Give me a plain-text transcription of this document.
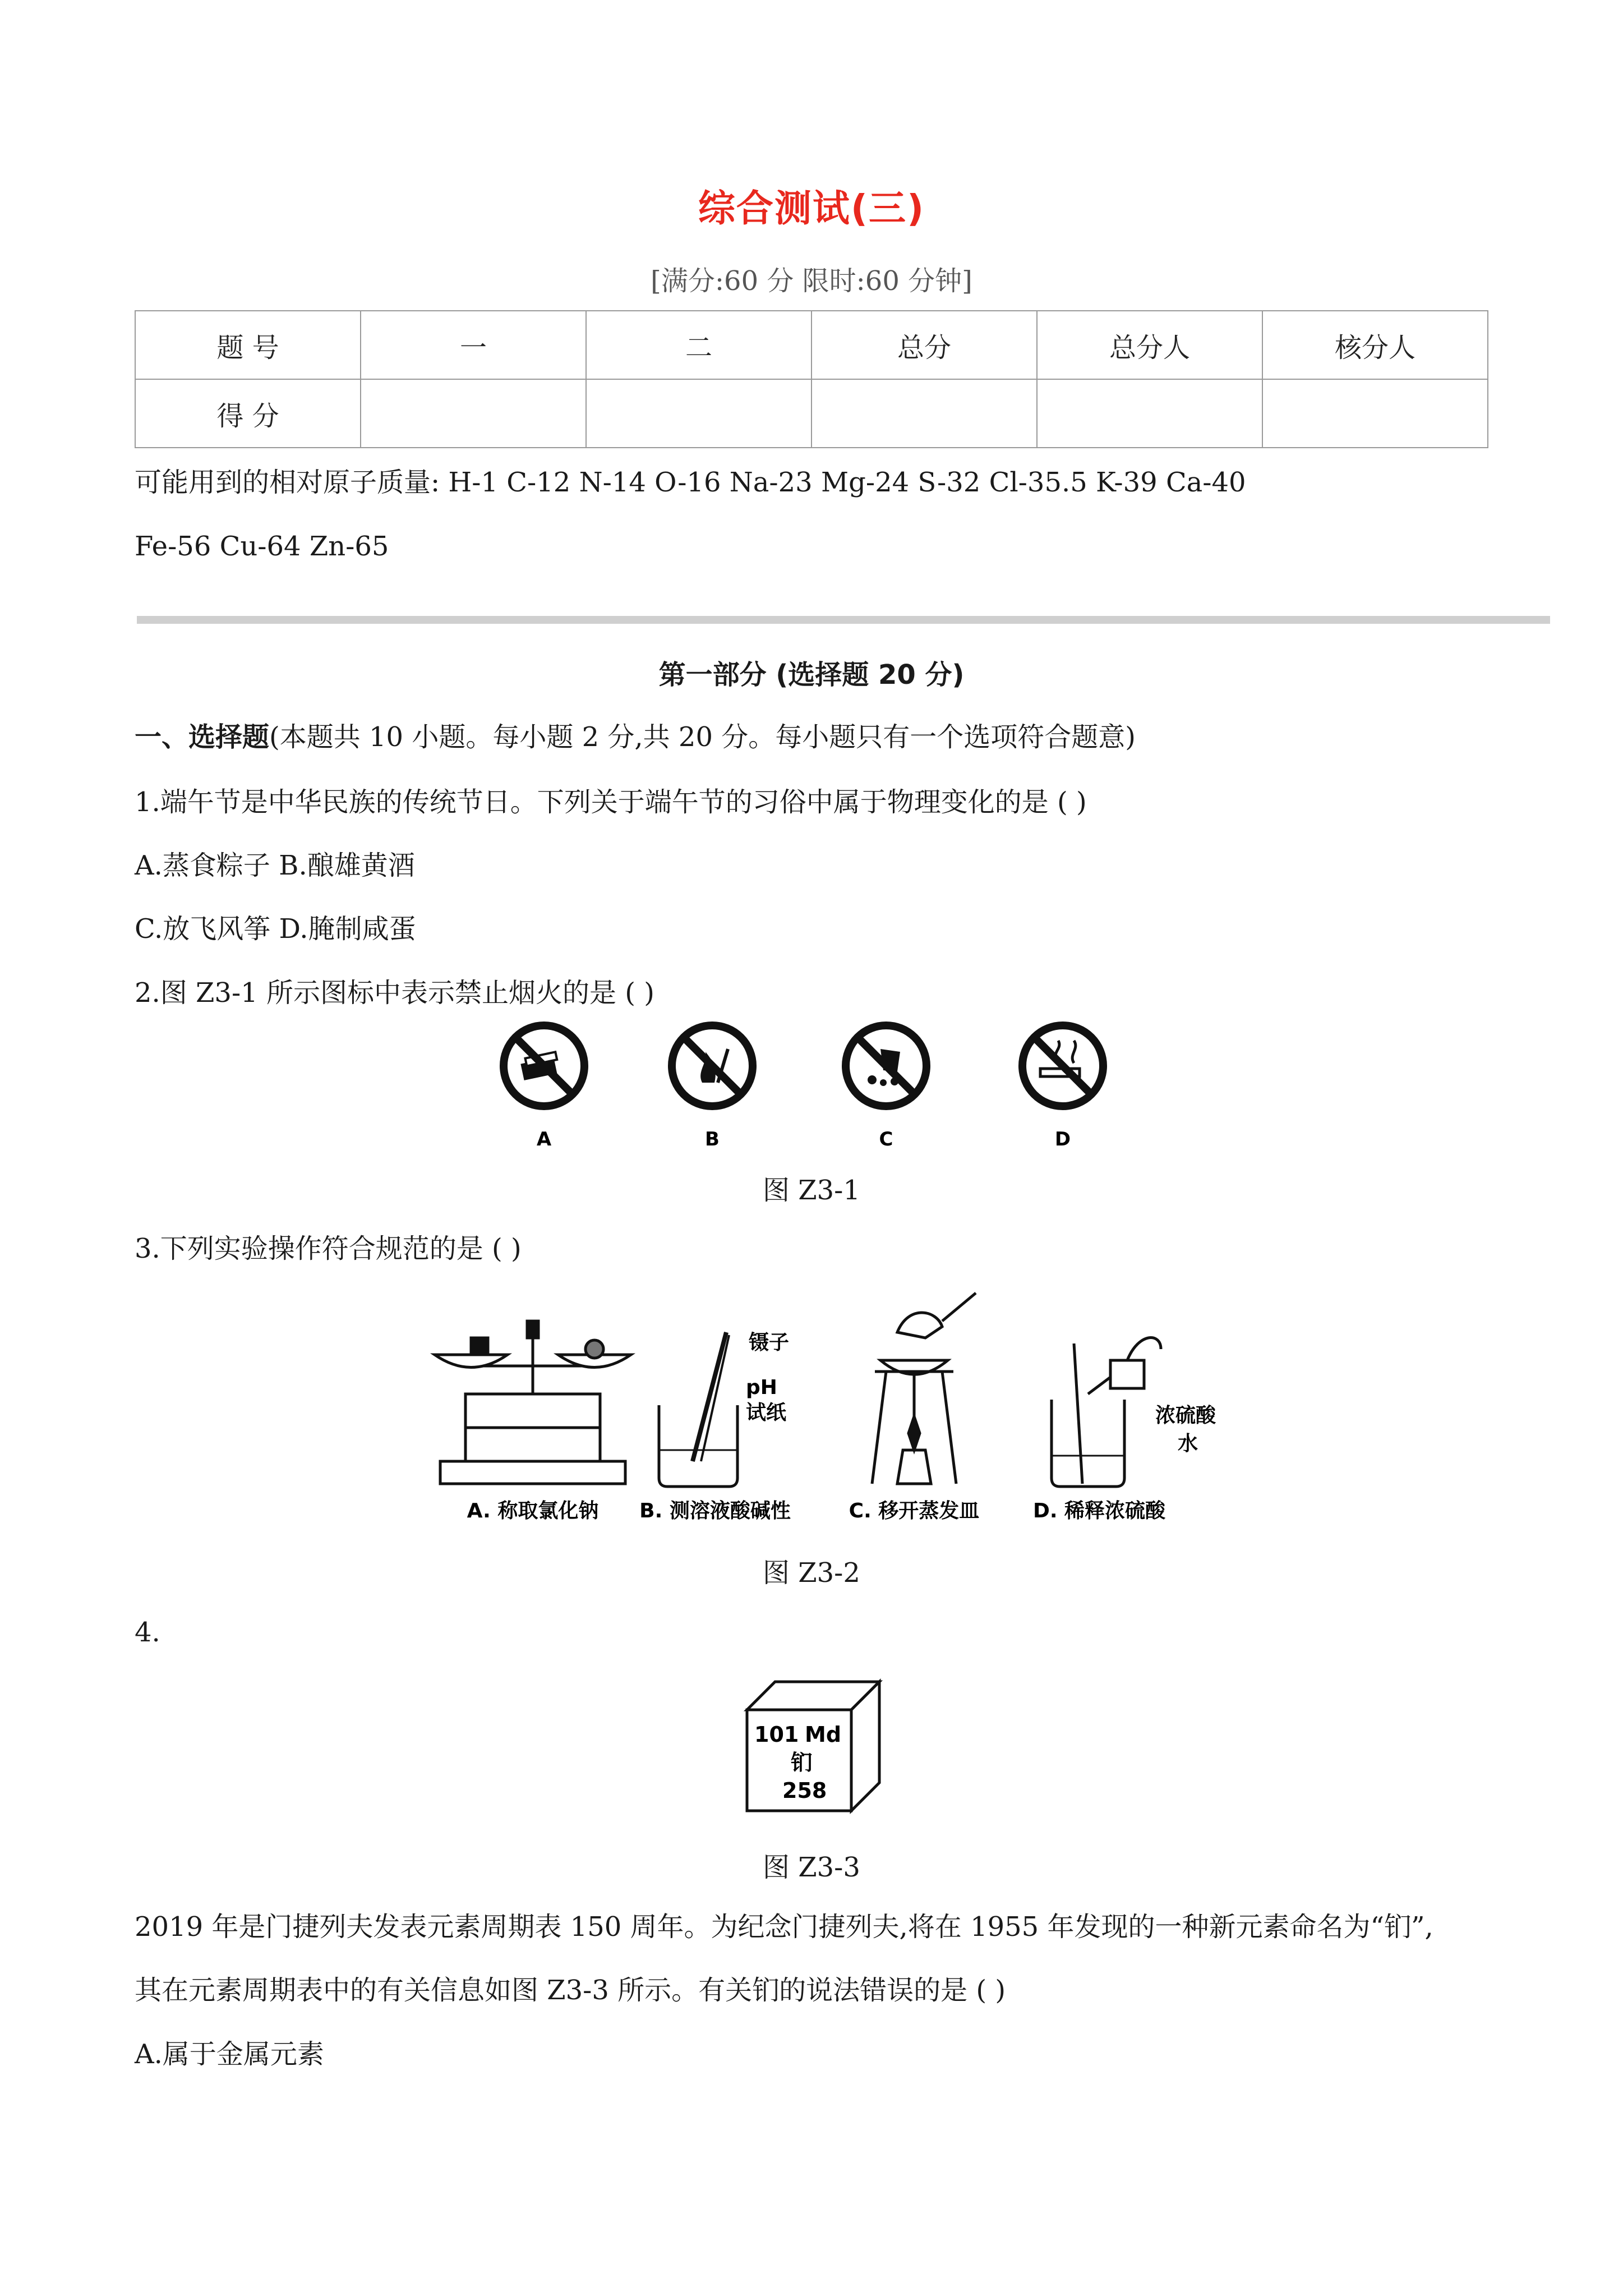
综合测试(三)
[满分:60 分 限时:60 分钟]
题 号	一	二	总分	总分人	核分人
得 分					
可能用到的相对原子质量: H-1 C-12 N-14 O-16 Na-23 Mg-24 S-32 Cl-35.5 K-39 Ca-40
Fe-56 Cu-64 Zn-65
第一部分 (选择题 20 分)
一、选择题(本题共 10 小题。每小题 2 分,共 20 分。每小题只有一个选项符合题意)
1.端午节是中华民族的传统节日。下列关于端午节的习俗中属于物理变化的是 ( )
A.蒸食粽子 B.酿雄黄酒
C.放飞风筝 D.腌制咸蛋
2.图 Z3-1 所示图标中表示禁止烟火的是 ( )
A	B	C	D
图 Z3-1
3.下列实验操作符合规范的是 ( )
镊子
pH
试纸	浓硫酸
水
A. 称取氯化钠 B. 测溶液酸碱性	C. 移开蒸发皿	D. 稀释浓硫酸
图 Z3-2
4.
101 Md
钔
258
图 Z3-3
2019 年是门捷列夫发表元素周期表 150 周年。为纪念门捷列夫,将在 1955 年发现的一种新元素命名为“钔”,
其在元素周期表中的有关信息如图 Z3-3 所示。有关钔的说法错误的是 ( )
A.属于金属元素
